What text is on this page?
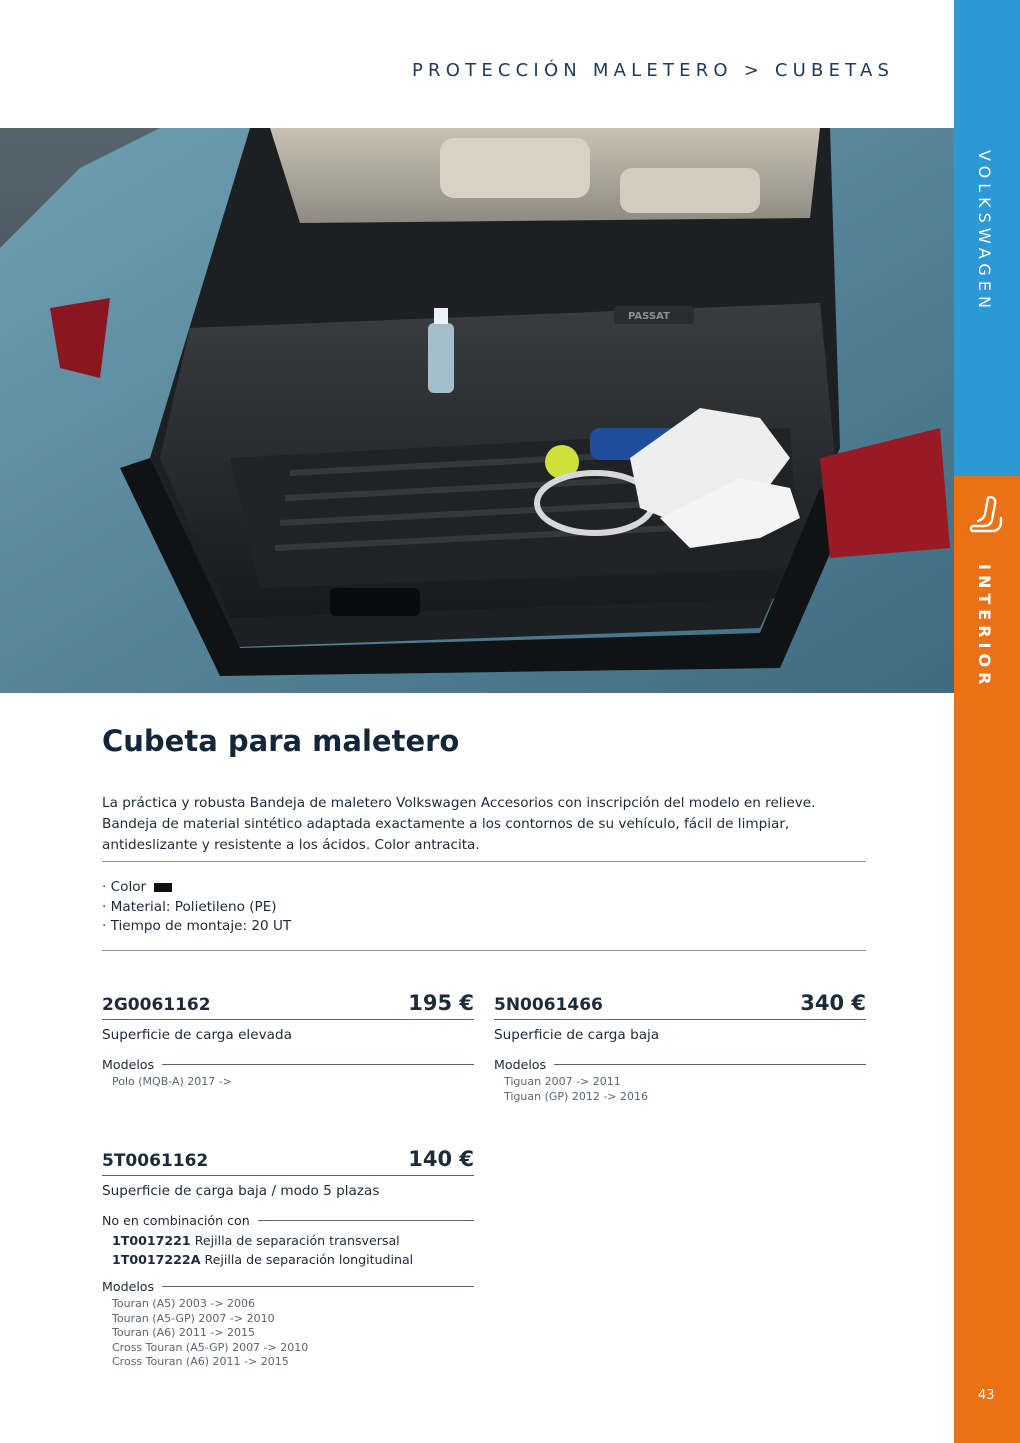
PROTECCIÓN MALETERO > CUBETAS
VOLKSWAGEN
INTERIOR
43
PASSAT
Cubeta para maletero

La práctica y robusta Bandeja de maletero Volkswagen Accesorios con inscripción del modelo en relieve.

Bandeja de material sintético adaptada exactamente a los contornos de su vehículo, fácil de limpiar, antideslizante y resistente a los ácidos. Color antracita.

· Color
· Material: Polietileno (PE)
· Tiempo de montaje: 20 UT
2G0061162	195 €
Superficie de carga elevada
Modelos
Polo (MQB-A) 2017 ->
5N0061466	340 €
Superficie de carga baja
Modelos
Tiguan 2007 -> 2011
Tiguan (GP) 2012 -> 2016
5T0061162	140 €
Superficie de carga baja / modo 5 plazas
No en combinación con
1T0017221 Rejilla de separación transversal
1T0017222A Rejilla de separación longitudinal
Modelos
Touran (A5) 2003 -> 2006
Touran (A5-GP) 2007 -> 2010
Touran (A6) 2011 -> 2015
Cross Touran (A5-GP) 2007 -> 2010
Cross Touran (A6) 2011 -> 2015
